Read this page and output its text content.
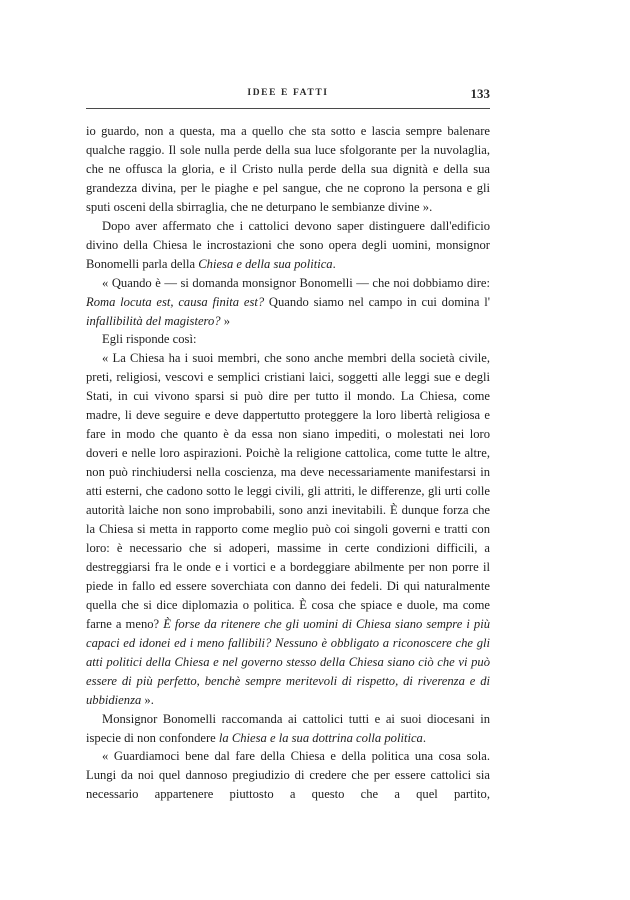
IDEE E FATTI	133

io guardo, non a questa, ma a quello che sta sotto e lascia sempre balenare qualche raggio. Il sole nulla perde della sua luce sfolgorante per la nuvolaglia, che ne offusca la gloria, e il Cristo nulla perde della sua dignità e della sua grandezza divina, per le piaghe e pel sangue, che ne coprono la persona e gli sputi osceni della sbirraglia, che ne deturpano le sembianze divine ».

Dopo aver affermato che i cattolici devono saper distinguere dall'edificio divino della Chiesa le incrostazioni che sono opera degli uomini, monsignor Bonomelli parla della Chiesa e della sua politica.

« Quando è — si domanda monsignor Bonomelli — che noi dobbiamo dire: Roma locuta est, causa finita est? Quando siamo nel campo in cui domina l' infallibilità del magistero? »

Egli risponde così:

« La Chiesa ha i suoi membri, che sono anche membri della società civile, preti, religiosi, vescovi e semplici cristiani laici, soggetti alle leggi sue e degli Stati, in cui vivono sparsi si può dire per tutto il mondo. La Chiesa, come madre, li deve seguire e deve dappertutto proteggere la loro libertà religiosa e fare in modo che quanto è da essa non siano impediti, o molestati nei loro doveri e nelle loro aspirazioni. Poichè la religione cattolica, come tutte le altre, non può rinchiudersi nella coscienza, ma deve necessariamente manifestarsi in atti esterni, che cadono sotto le leggi civili, gli attriti, le differenze, gli urti colle autorità laiche non sono improbabili, sono anzi inevitabili. È dunque forza che la Chiesa si metta in rapporto come meglio può coi singoli governi e tratti con loro: è necessario che si adoperi, massime in certe condizioni difficili, a destreggiarsi fra le onde e i vortici e a bordeggiare abilmente per non porre il piede in fallo ed essere soverchiata con danno dei fedeli. Di qui naturalmente quella che si dice diplomazia o politica. È cosa che spiace e duole, ma come farne a meno? È forse da ritenere che gli uomini di Chiesa siano sempre i più capaci ed idonei ed i meno fallibili? Nessuno è obbligato a riconoscere che gli atti politici della Chiesa e nel governo stesso della Chiesa siano ciò che vi può essere di più perfetto, benchè sempre meritevoli di rispetto, di riverenza e di ubbidienza ».

Monsignor Bonomelli raccomanda ai cattolici tutti e ai suoi diocesani in ispecie di non confondere la Chiesa e la sua dottrina colla politica.

« Guardiamoci bene dal fare della Chiesa e della politica una cosa sola. Lungi da noi quel dannoso pregiudizio di credere che per essere cattolici sia necessario appartenere piuttosto a questo che a quel partito,
